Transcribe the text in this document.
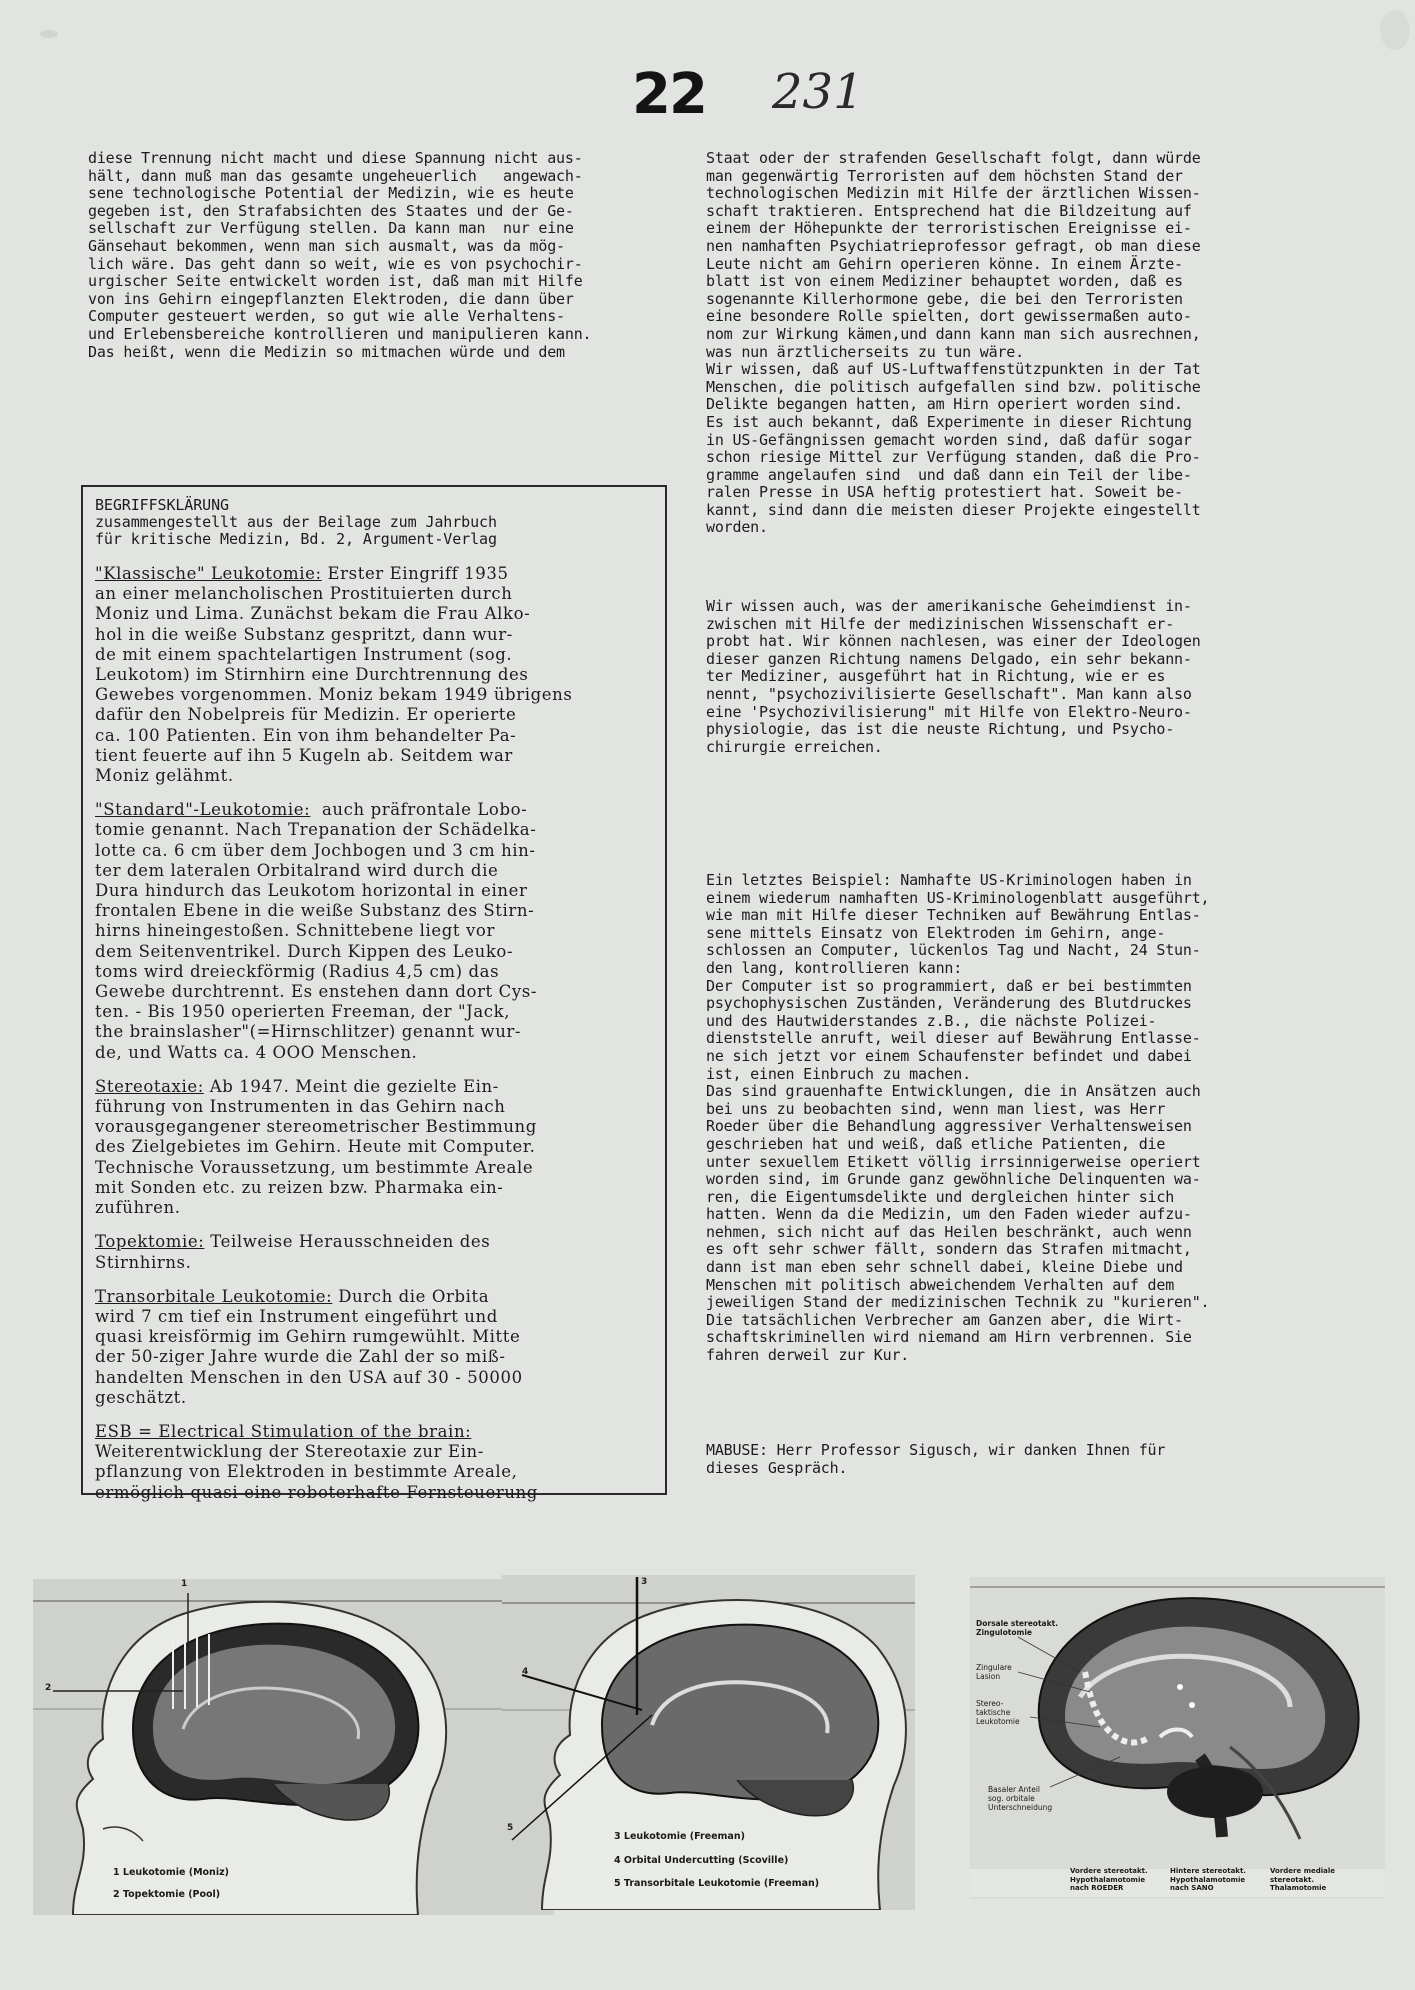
22 231
diese Trennung nicht macht und diese Spannung nicht aus-
hält, dann muß man das gesamte ungeheuerlich   angewach-
sene technologische Potential der Medizin, wie es heute
gegeben ist, den Strafabsichten des Staates und der Ge-
sellschaft zur Verfügung stellen. Da kann man  nur eine
Gänsehaut bekommen, wenn man sich ausmalt, was da mög-
lich wäre. Das geht dann so weit, wie es von psychochir-
urgischer Seite entwickelt worden ist, daß man mit Hilfe
von ins Gehirn eingepflanzten Elektroden, die dann über
Computer gesteuert werden, so gut wie alle Verhaltens-
und Erlebensbereiche kontrollieren und manipulieren kann.
Das heißt, wenn die Medizin so mitmachen würde und dem
BEGRIFFSKLÄRUNG
zusammengestellt aus der Beilage zum Jahrbuch
für kritische Medizin, Bd. 2, Argument-Verlag
"Klassische" Leukotomie: Erster Eingriff 1935
an einer melancholischen Prostituierten durch
Moniz und Lima. Zunächst bekam die Frau Alko-
hol in die weiße Substanz gespritzt, dann wur-
de mit einem spachtelartigen Instrument (sog.
Leukotom) im Stirnhirn eine Durchtrennung des
Gewebes vorgenommen. Moniz bekam 1949 übrigens
dafür den Nobelpreis für Medizin. Er operierte
ca. 100 Patienten. Ein von ihm behandelter Pa-
tient feuerte auf ihn 5 Kugeln ab. Seitdem war
Moniz gelähmt.
"Standard"-Leukotomie:  auch präfrontale Lobo-
tomie genannt. Nach Trepanation der Schädelka-
lotte ca. 6 cm über dem Jochbogen und 3 cm hin-
ter dem lateralen Orbitalrand wird durch die
Dura hindurch das Leukotom horizontal in einer
frontalen Ebene in die weiße Substanz des Stirn-
hirns hineingestoßen. Schnittebene liegt vor
dem Seitenventrikel. Durch Kippen des Leuko-
toms wird dreieckförmig (Radius 4,5 cm) das
Gewebe durchtrennt. Es enstehen dann dort Cys-
ten. - Bis 1950 operierten Freeman, der "Jack,
the brainslasher"(=Hirnschlitzer) genannt wur-
de, und Watts ca. 4 OOO Menschen.
Stereotaxie: Ab 1947. Meint die gezielte Ein-
führung von Instrumenten in das Gehirn nach
vorausgegangener stereometrischer Bestimmung
des Zielgebietes im Gehirn. Heute mit Computer.
Technische Voraussetzung, um bestimmte Areale
mit Sonden etc. zu reizen bzw. Pharmaka ein-
zuführen.
Topektomie: Teilweise Herausschneiden des
Stirnhirns.
Transorbitale Leukotomie: Durch die Orbita
wird 7 cm tief ein Instrument eingeführt und
quasi kreisförmig im Gehirn rumgewühlt. Mitte
der 50-ziger Jahre wurde die Zahl der so miß-
handelten Menschen in den USA auf 30 - 50000
geschätzt.
ESB = Electrical Stimulation of the brain:
Weiterentwicklung der Stereotaxie zur Ein-
pflanzung von Elektroden in bestimmte Areale,
ermöglich quasi eine roboterhafte Fernsteuerung
Staat oder der strafenden Gesellschaft folgt, dann würde
man gegenwärtig Terroristen auf dem höchsten Stand der
technologischen Medizin mit Hilfe der ärztlichen Wissen-
schaft traktieren. Entsprechend hat die Bildzeitung auf
einem der Höhepunkte der terroristischen Ereignisse ei-
nen namhaften Psychiatrieprofessor gefragt, ob man diese
Leute nicht am Gehirn operieren könne. In einem Ärzte-
blatt ist von einem Mediziner behauptet worden, daß es
sogenannte Killerhormone gebe, die bei den Terroristen
eine besondere Rolle spielten, dort gewissermaßen auto-
nom zur Wirkung kämen,und dann kann man sich ausrechnen,
was nun ärztlicherseits zu tun wäre.
Wir wissen, daß auf US-Luftwaffenstützpunkten in der Tat
Menschen, die politisch aufgefallen sind bzw. politische
Delikte begangen hatten, am Hirn operiert worden sind.
Es ist auch bekannt, daß Experimente in dieser Richtung
in US-Gefängnissen gemacht worden sind, daß dafür sogar
schon riesige Mittel zur Verfügung standen, daß die Pro-
gramme angelaufen sind  und daß dann ein Teil der libe-
ralen Presse in USA heftig protestiert hat. Soweit be-
kannt, sind dann die meisten dieser Projekte eingestellt
worden.
Wir wissen auch, was der amerikanische Geheimdienst in-
zwischen mit Hilfe der medizinischen Wissenschaft er-
probt hat. Wir können nachlesen, was einer der Ideologen
dieser ganzen Richtung namens Delgado, ein sehr bekann-
ter Mediziner, ausgeführt hat in Richtung, wie er es
nennt, "psychozivilisierte Gesellschaft". Man kann also
eine 'Psychozivilisierung" mit Hilfe von Elektro-Neuro-
physiologie, das ist die neuste Richtung, und Psycho-
chirurgie erreichen.
Ein letztes Beispiel: Namhafte US-Kriminologen haben in
einem wiederum namhaften US-Kriminologenblatt ausgeführt,
wie man mit Hilfe dieser Techniken auf Bewährung Entlas-
sene mittels Einsatz von Elektroden im Gehirn, ange-
schlossen an Computer, lückenlos Tag und Nacht, 24 Stun-
den lang, kontrollieren kann:
Der Computer ist so programmiert, daß er bei bestimmten
psychophysischen Zuständen, Veränderung des Blutdruckes
und des Hautwiderstandes z.B., die nächste Polizei-
dienststelle anruft, weil dieser auf Bewährung Entlasse-
ne sich jetzt vor einem Schaufenster befindet und dabei
ist, einen Einbruch zu machen.
Das sind grauenhafte Entwicklungen, die in Ansätzen auch
bei uns zu beobachten sind, wenn man liest, was Herr
Roeder über die Behandlung aggressiver Verhaltensweisen
geschrieben hat und weiß, daß etliche Patienten, die
unter sexuellem Etikett völlig irrsinnigerweise operiert
worden sind, im Grunde ganz gewöhnliche Delinquenten wa-
ren, die Eigentumsdelikte und dergleichen hinter sich
hatten. Wenn da die Medizin, um den Faden wieder aufzu-
nehmen, sich nicht auf das Heilen beschränkt, auch wenn
es oft sehr schwer fällt, sondern das Strafen mitmacht,
dann ist man eben sehr schnell dabei, kleine Diebe und
Menschen mit politisch abweichendem Verhalten auf dem
jeweiligen Stand der medizinischen Technik zu "kurieren".
Die tatsächlichen Verbrecher am Ganzen aber, die Wirt-
schaftskriminellen wird niemand am Hirn verbrennen. Sie
fahren derweil zur Kur.
MABUSE: Herr Professor Sigusch, wir danken Ihnen für
dieses Gespräch.
1
2
1 Leukotomie (Moniz)
2 Topektomie (Pool)
3
4
5
3 Leukotomie (Freeman)
4 Orbital Undercutting (Scoville)
5 Transorbitale Leukotomie (Freeman)
Dorsale stereotakt.
Zingulotomie
Zingulare
Lasion
Stereo-
taktische
Leukotomie
Basaler Anteil
sog. orbitale
Unterschneidung
Vordere stereotakt.
Hypothalamotomie
nach ROEDER
Hintere stereotakt.
Hypothalamotomie
nach SANO
Vordere mediale
stereotakt.
Thalamotomie
